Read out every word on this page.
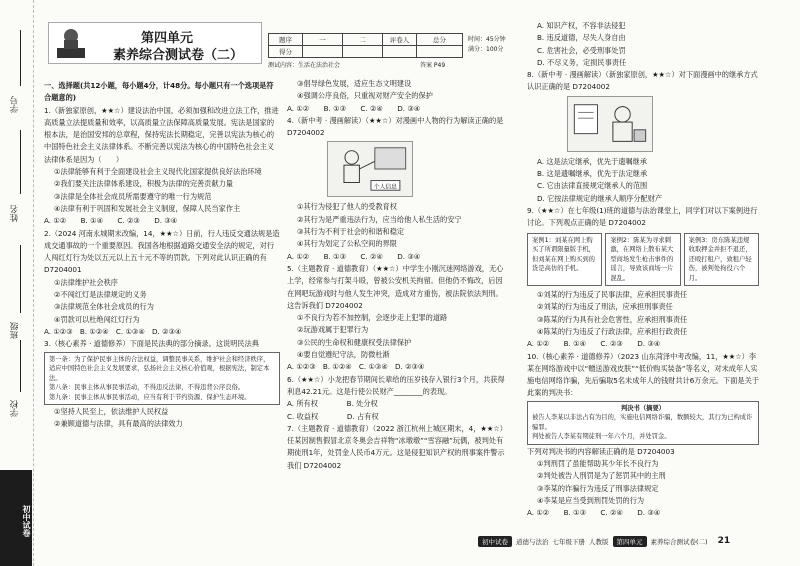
学号
姓名
班级
学校
初中试卷
第四单元
素养综合测试卷（二）
题序	一	二	评卷人	总分
得分				
时间：45分钟
满分：100分
测试内容：生活在法治社会	答案 P49

一、选择题(共12小题，每小题4分，计48分。每小题只有一个选项是符合题意的)

1.（新独家原创，★★☆）建设法治中国，必须加强和改进立法工作，推进高质量立法提质量和效率，以高质量立法保障高质量发展。宪法是国家的根本法，是治国安邦的总章程，保持宪法长期稳定，完善以宪法为核心的中国特色社会主义法律体系。不断完善以宪法为核心的中国特色社会主义法律体系是因为（　　）

①法律能够有利于全面建设社会主义现代化国家提供良好法治环境

②我们要关注法律体系建设，积极为法律的完善贡献力量

③法律是全体社会成员所需要遵守的唯一行为规范

④法律有利于巩固和发展社会主义制度，保障人民当家作主

A. ①②　　B. ①④　　C. ②③　　D. ③④

2.（2024 河南永城期末改编，14，★★☆）日前，行人违反交通法规是造成交通事故的一个重要原因。我国各地根据道路交通安全法的规定，对行人闯红灯行为处以五元以上五十元不等的罚款。下列对此认识正确的有 D7204001

①法律维护社会秩序

②不闯红灯是法律规定的义务

③法律规范全体社会成员的行为

④罚款可以杜绝闯红灯行为

A. ①②③　B. ①②④　C. ①③④　D. ②③④

3.（核心素养 · 道德修养）下面是民法典的部分摘录。这说明民法典

第一条：为了保护民事主体的合法权益，调整民事关系，维护社会和经济秩序，适应中国特色社会主义发展要求，弘扬社会主义核心价值观，根据宪法，制定本法。

第八条：民事主体从事民事活动，不得违反法律，不得违背公序良俗。

第九条：民事主体从事民事活动，应当有利于节约资源、保护生态环境。

①坚持人民至上，依法维护人民权益

②兼顾道德与法律，具有最高的法律效力

③倡导绿色发展，适应生态文明建设

④强调公序良俗，只重视对财产安全的保护

A. ①②　　B. ①③　　C. ②④　　D. ③④

4.（新中考 · 漫画解读）（★★☆）对漫画中人物的行为解读正确的是 D7204002

个人信息

①其行为侵犯了他人的受教育权

②其行为是严重违法行为，应当给他人私生活的安宁

③其行为不利于社会的和谐和稳定

④其行为划定了公私空间的界限

A. ①②　　B. ①③　　C. ②④　　D. ③④

5.（主题教育 · 道德教育）（★★☆）中学生小刚沉迷网络游戏，无心上学，经常参与打架斗殴，曾被公安机关拘留。但他仍不悔改，后因在网吧玩游戏时与他人发生冲突，造成对方重伤，被法院依法判刑。这告诉我们 D7204002

①不良行为若不加控制，会逐步走上犯罪的道路

②玩游戏属于犯罪行为

③公民的生命权和健康权受法律保护

④要自觉遵纪守法，防微杜渐

A. ①②③　B. ①②④　C. ①③④　D. ②③④

6.（★★☆）小龙把春节期间长辈给的压岁钱存入银行3个月，共获得利息42.21元。这是行使公民财产________的表现。

A. 所有权　　　　B. 处分权
C. 收益权　　　　D. 占有权

7.（主题教育 · 道德教育）（2022 浙江杭州上城区期末，4，★★☆）任某因制售假冒北京冬奥会吉祥物“冰墩墩”“雪容融”玩偶，被判处有期徒刑1年，处罚金人民币4万元。这是侵犯知识产权的刑事案件警示我们 D7204002

A. 知识产权，不容非法侵犯

B. 违反道德，尽失人身自由

C. 危害社会，必受刑事处罚

D. 不尽义务，定损民事责任

8.（新中考 · 漫画解读）（新独家原创，★★☆）对下面漫画中的继承方式认识正确的是 D7204002

A. 这是法定继承，优先于遗嘱继承

B. 这是遗嘱继承，优先于法定继承

C. 它由法律直接规定继承人的范围

D. 它按法律规定的继承人顺序分配财产

9.（★★☆）在七年级(1)班的道德与法治课堂上，同学们对以下案例进行讨论。下列观点正确的是 D7204002

案例1：刘某在网上购买了所谓限量版手机，但刘某在网上购买到的货是高仿的手机。
案例2：陈某为寻求刺激，在网络上散布某大型商场发生枪击事件的谣言，导致该商场一片混乱。
案例3：房东陈某违规收取押金并拒不退还，还殴打租户，致租户轻伤，被判处拘役六个月。

①刘某的行为违反了民事法律，应承担民事责任

②刘某的行为违反了刑法，应承担刑事责任

③陈某的行为具有社会危害性，应承担刑事责任

④陈某的行为违反了行政法律，应承担行政责任

A. ①②　　B. ①④　　C. ②③　　D. ③④

10.（核心素养 · 道德修养）（2023 山东菏泽中考改编，11，★★☆）李某在网络游戏中以“赠送游戏皮肤”“低价购买装备”等名义，对未成年人实施电信网络诈骗，先后骗取5名未成年人的钱财共计6万余元。下面是关于此案的判决书：

判决书（摘要）

被告人李某以非法占有为目的，实施电信网络诈骗，数额较大，其行为已构成诈骗罪。

判处被告人李某有期徒刑一年六个月，并处罚金。

下列对判决书的内容解读正确的是 D7204003

①判刑罚了虽能帮助其少年长不良行为

②判处被告人刑罚是为了惩罚其中的主刑

③李某的诈骗行为违反了刑事法律规定

④李某是应当受到刑罚处罚的行为

A. ①②　　B. ①③　　C. ②④　　D. ③④

初中试卷	道德与法治 七年级下册 人教版	第四单元	素养综合测试卷(二) 21
